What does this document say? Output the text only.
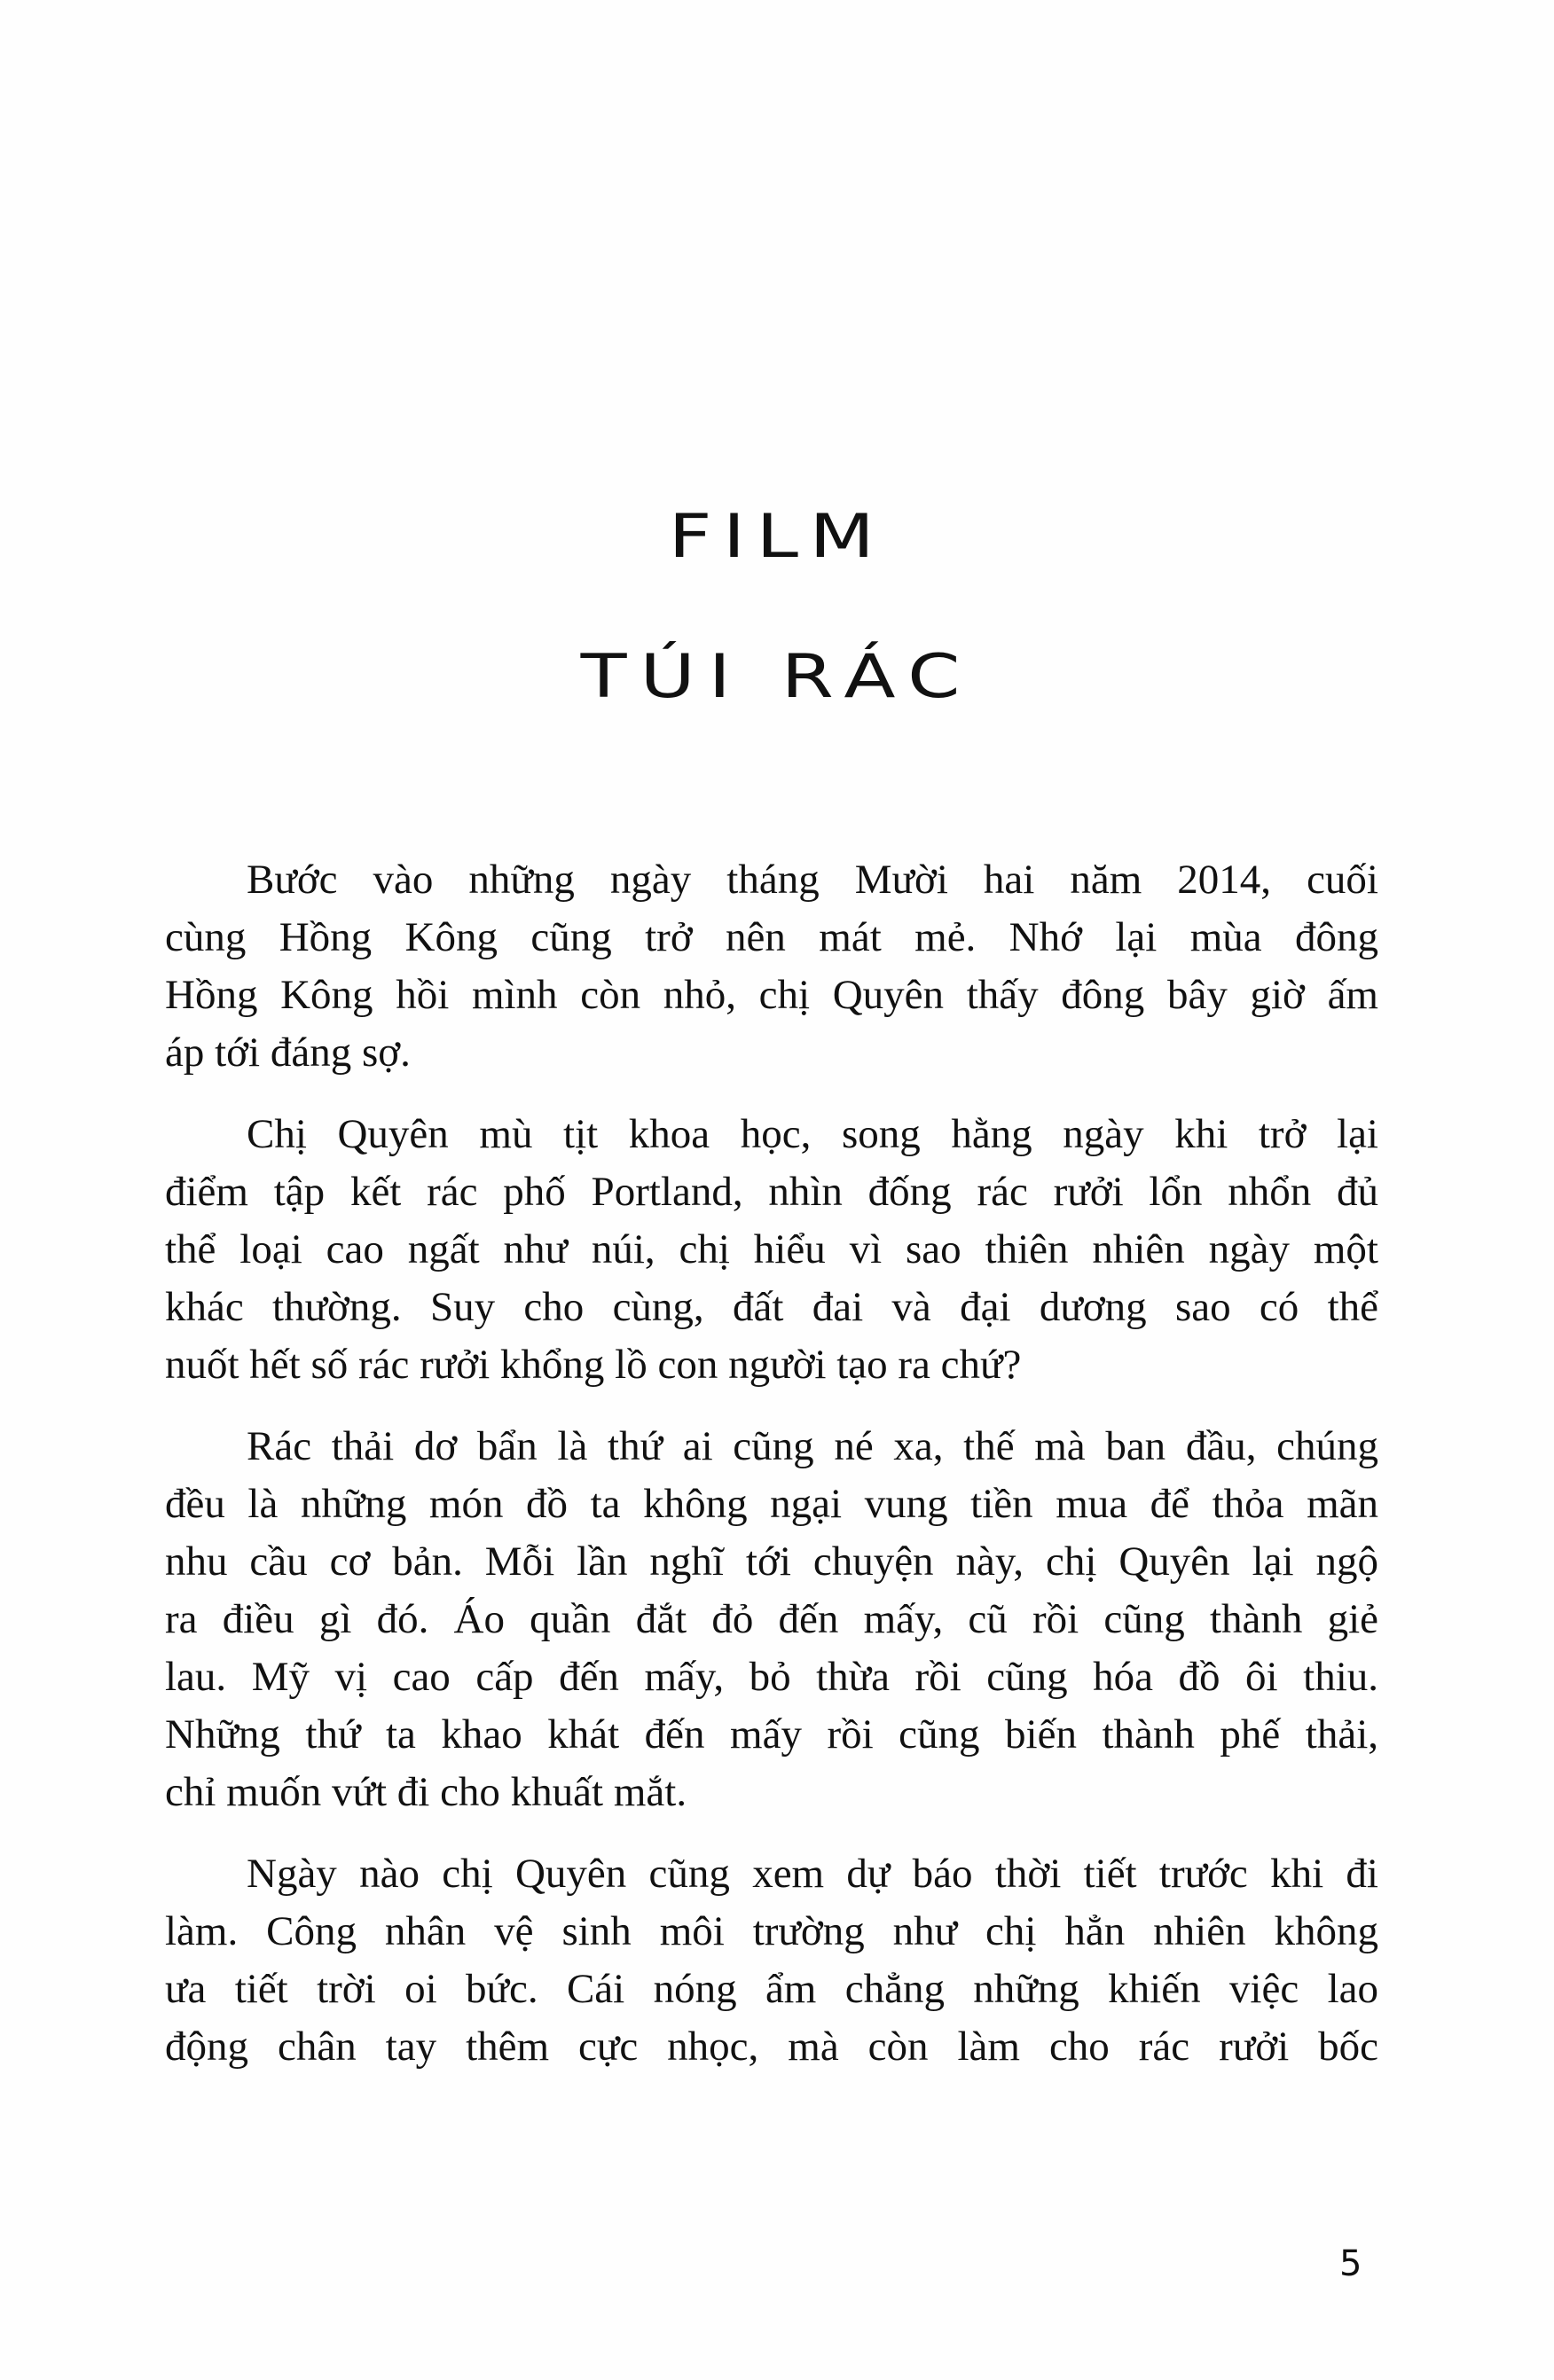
FILM
TÚI RÁC
Bước vào những ngày tháng Mười hai năm 2014, cuối
cùng Hồng Kông cũng trở nên mát mẻ. Nhớ lại mùa đông
Hồng Kông hồi mình còn nhỏ, chị Quyên thấy đông bây giờ ấm
áp tới đáng sợ.
Chị Quyên mù tịt khoa học, song hằng ngày khi trở lại
điểm tập kết rác phố Portland, nhìn đống rác rưởi lổn nhổn đủ
thể loại cao ngất như núi, chị hiểu vì sao thiên nhiên ngày một
khác thường. Suy cho cùng, đất đai và đại dương sao có thể
nuốt hết số rác rưởi khổng lồ con người tạo ra chứ?
Rác thải dơ bẩn là thứ ai cũng né xa, thế mà ban đầu, chúng
đều là những món đồ ta không ngại vung tiền mua để thỏa mãn
nhu cầu cơ bản. Mỗi lần nghĩ tới chuyện này, chị Quyên lại ngộ
ra điều gì đó. Áo quần đắt đỏ đến mấy, cũ rồi cũng thành giẻ
lau. Mỹ vị cao cấp đến mấy, bỏ thừa rồi cũng hóa đồ ôi thiu.
Những thứ ta khao khát đến mấy rồi cũng biến thành phế thải,
chỉ muốn vứt đi cho khuất mắt.
Ngày nào chị Quyên cũng xem dự báo thời tiết trước khi đi
làm. Công nhân vệ sinh môi trường như chị hẳn nhiên không
ưa tiết trời oi bức. Cái nóng ẩm chẳng những khiến việc lao
động chân tay thêm cực nhọc, mà còn làm cho rác rưởi bốc
5
